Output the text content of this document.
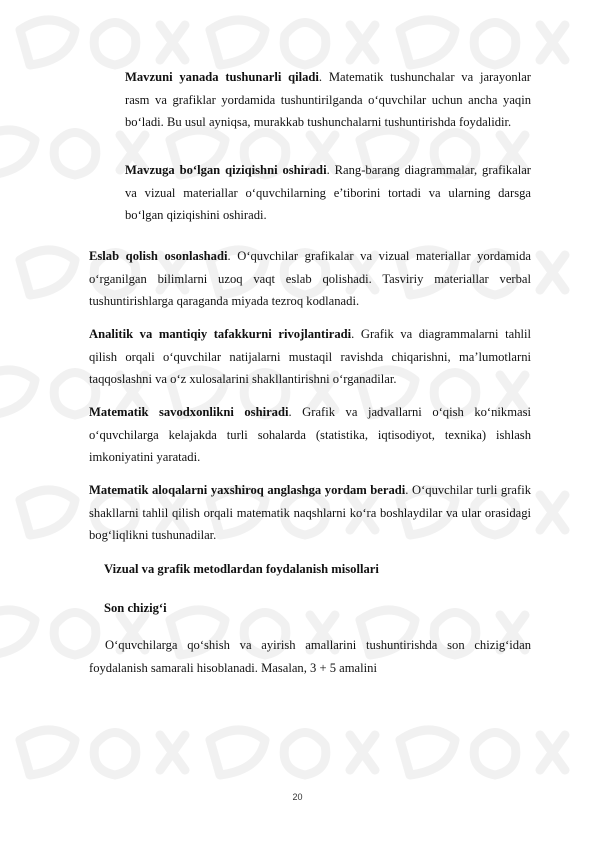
Mavzuni yanada tushunarli qiladi. Matematik tushunchalar va jarayonlar rasm va grafiklar yordamida tushuntirilganda o‘quvchilar uchun ancha yaqin bo‘ladi. Bu usul ayniqsa, murakkab tushunchalarni tushuntirishda foydalidir.
Mavzuga bo‘lgan qiziqishni oshiradi. Rang-barang diagrammalar, grafikalar va vizual materiallar o‘quvchilarning e’tiborini tortadi va ularning darsga bo‘lgan qiziqishini oshiradi.
Eslab qolish osonlashadi. O‘quvchilar grafikalar va vizual materiallar yordamida o‘rganilgan bilimlarni uzoq vaqt eslab qolishadi. Tasviriy materiallar verbal tushuntirishlarga qaraganda miyada tezroq kodlanadi.
Analitik va mantiqiy tafakkurni rivojlantiradi. Grafik va diagrammalarni tahlil qilish orqali o‘quvchilar natijalarni mustaqil ravishda chiqarishni, ma’lumotlarni taqqoslashni va o‘z xulosalarini shakllantirishni o‘rganadilar.
Matematik savodxonlikni oshiradi. Grafik va jadvallarni o‘qish ko‘nikmasi o‘quvchilarga kelajakda turli sohalarda (statistika, iqtisodiyot, texnika) ishlash imkoniyatini yaratadi.
Matematik aloqalarni yaxshiroq anglashga yordam beradi. O‘quvchilar turli grafik shakllarni tahlil qilish orqali matematik naqshlarni ko‘ra boshlaydilar va ular orasidagi bog‘liqlikni tushunadilar.
Vizual va grafik metodlardan foydalanish misollari
Son chizig‘i
O‘quvchilarga qo‘shish va ayirish amallarini tushuntirishda son chizig‘idan foydalanish samarali hisoblanadi. Masalan, 3 + 5 amalini
20
